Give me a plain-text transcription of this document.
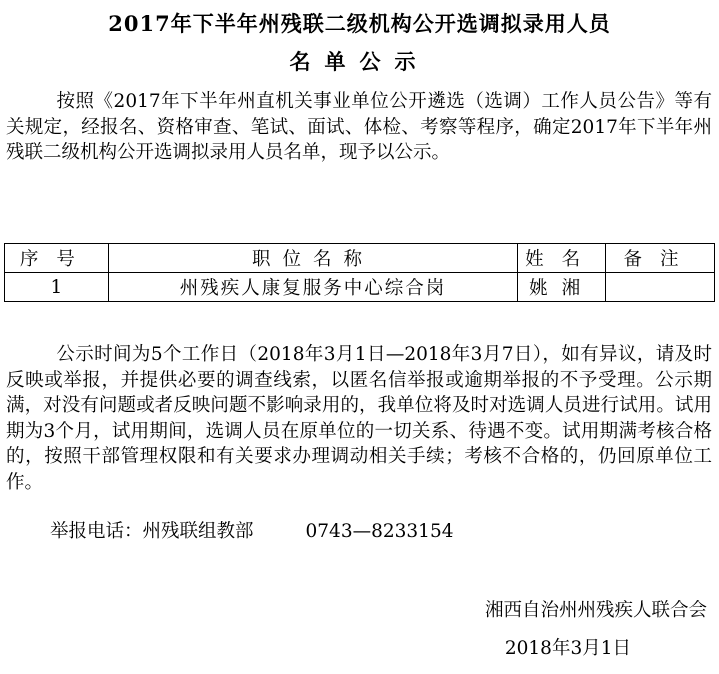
2017年下半年州残联二级机构公开选调拟录用人员
名单公示
按照《2017年下半年州直机关事业单位公开遴选（选调）工作人员公告》等有关规定，经报名、资格审查、笔试、面试、体检、考察等程序，确定2017年下半年州残联二级机构公开选调拟录用人员名单，现予以公示。
序号	职位名称	姓名	备注
1	州残疾人康复服务中心综合岗	姚湘	
公示时间为5个工作日（2018年3月1日—2018年3月7日），如有异议，请及时反映或举报，并提供必要的调查线索，以匿名信举报或逾期举报的不予受理。公示期满，对没有问题或者反映问题不影响录用的，我单位将及时对选调人员进行试用。试用期为3个月，试用期间，选调人员在原单位的一切关系、待遇不变。试用期满考核合格的，按照干部管理权限和有关要求办理调动相关手续；考核不合格的，仍回原单位工作。
举报电话：州残联组教部	0743—8233154
湘西自治州州残疾人联合会
2018年3月1日
